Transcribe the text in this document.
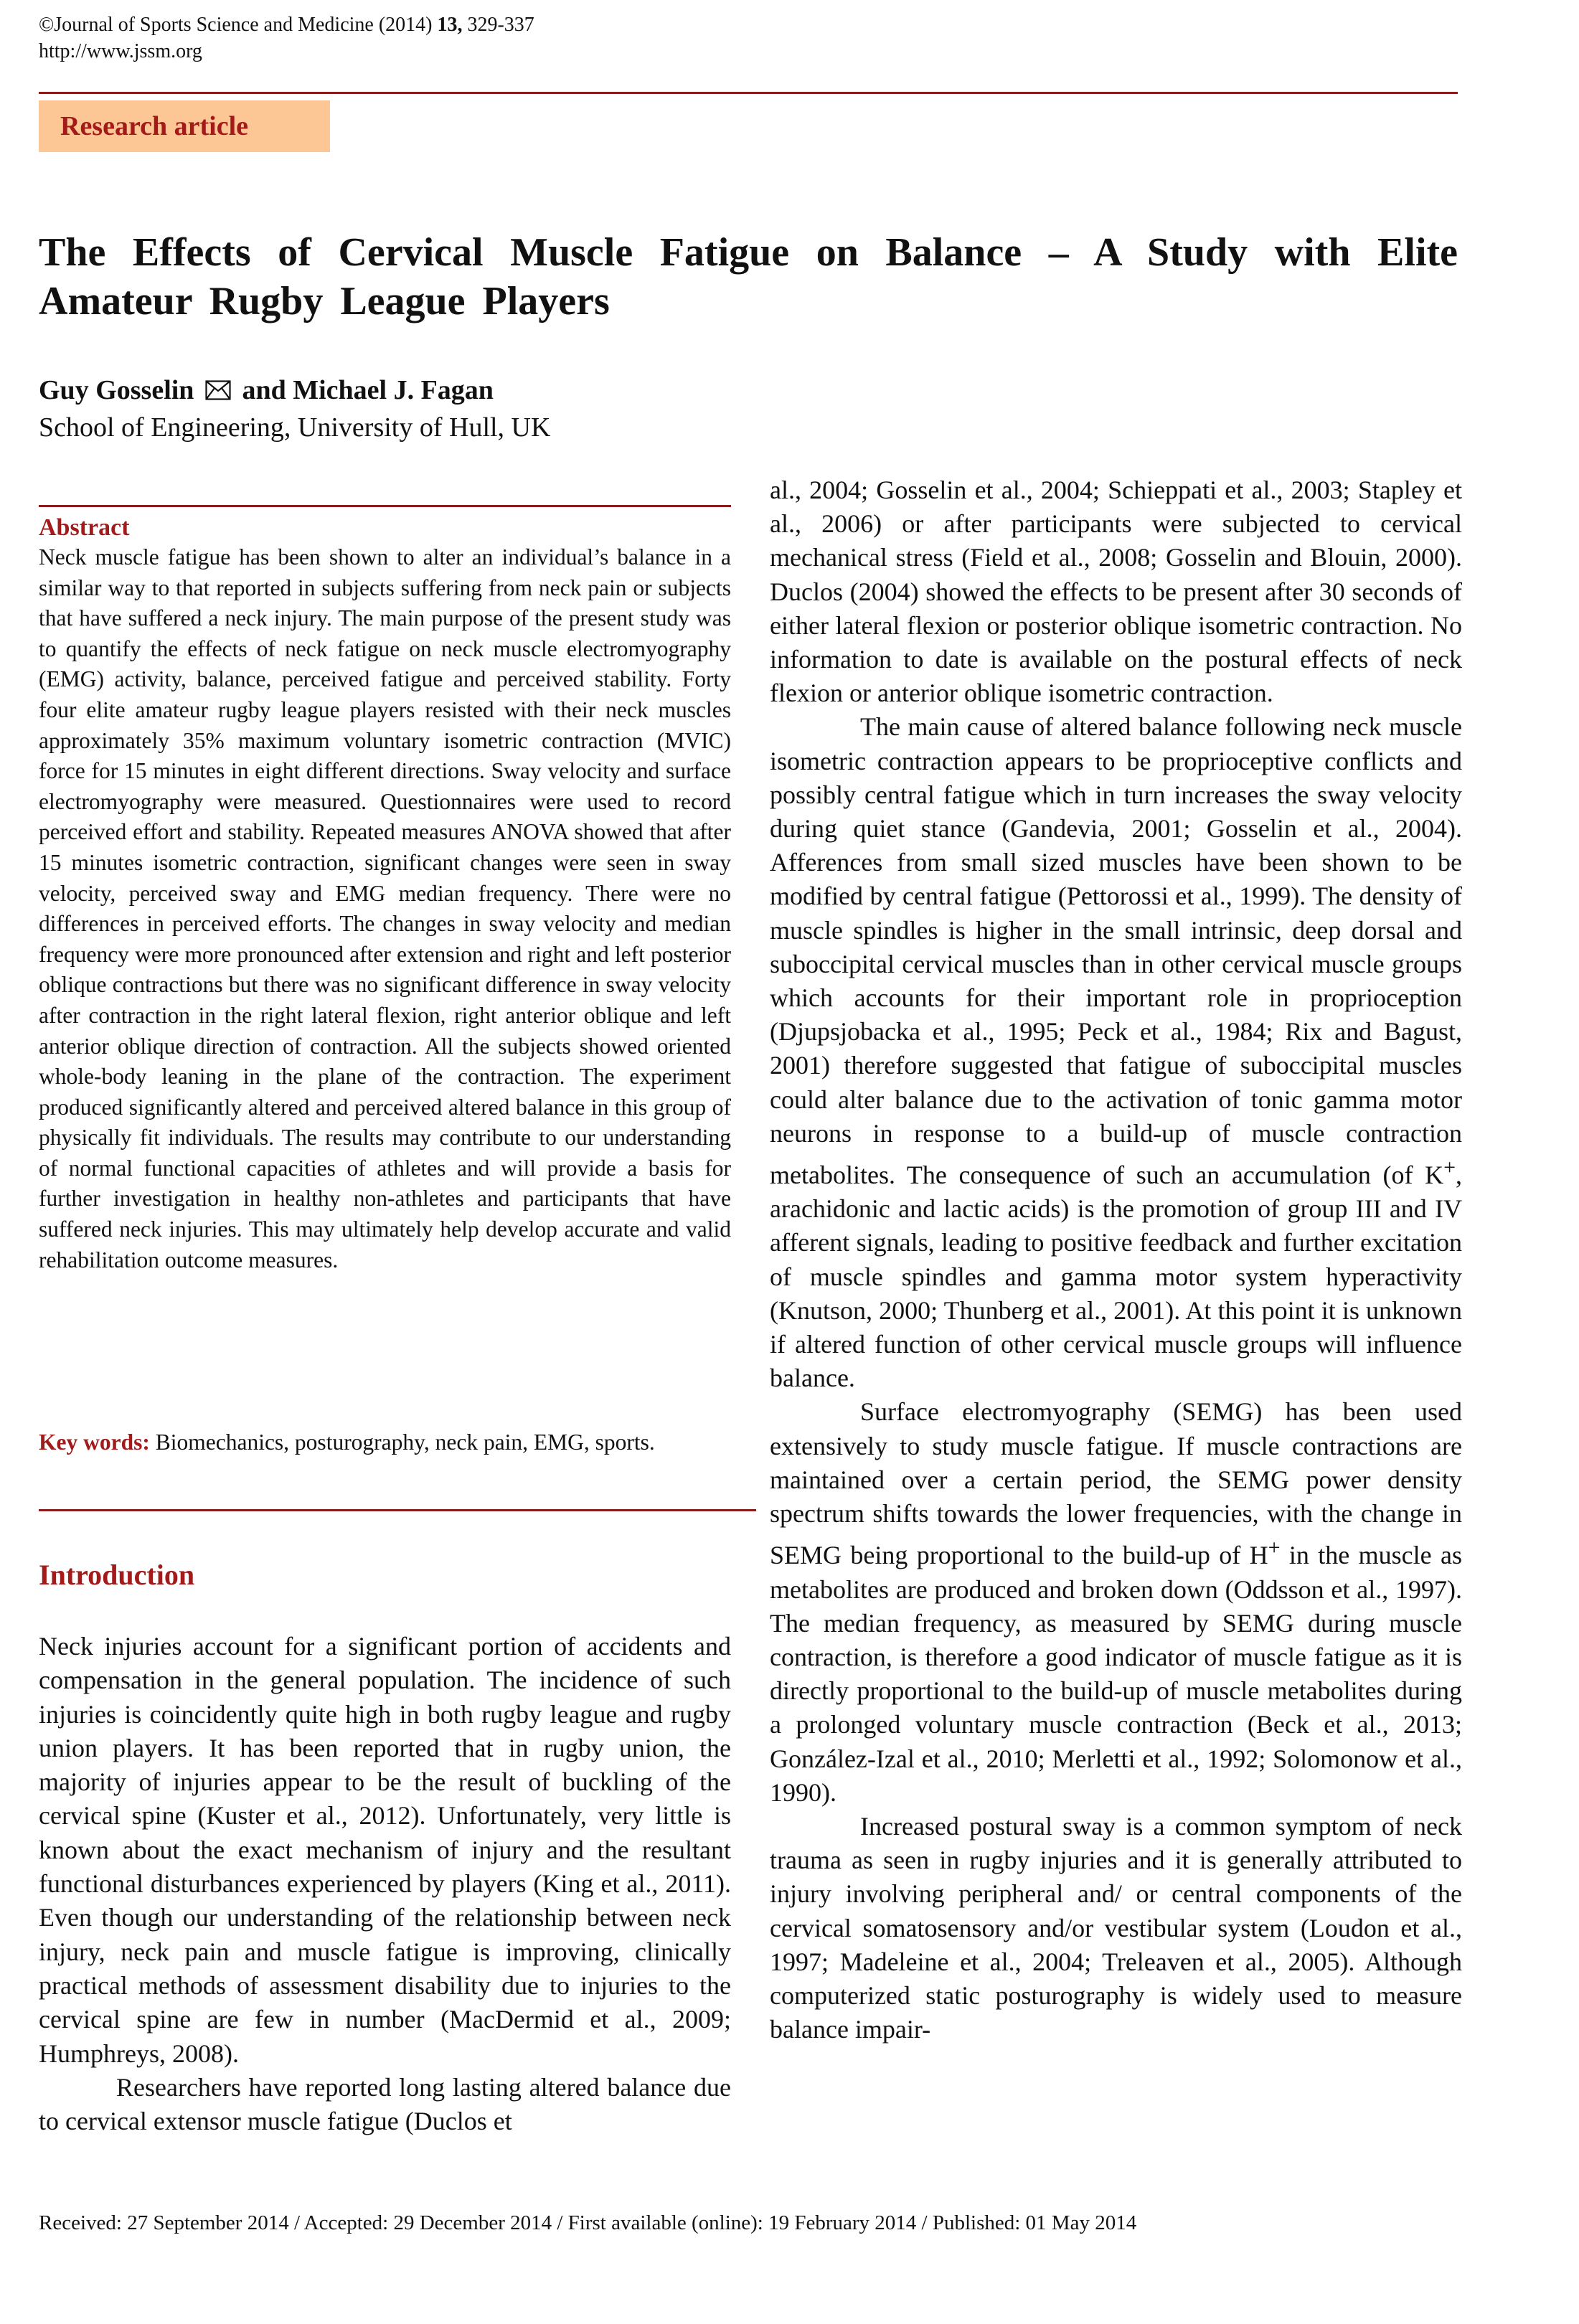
©Journal of Sports Science and Medicine (2014) 13, 329-337
http://www.jssm.org
Research article
The Effects of Cervical Muscle Fatigue on Balance – A Study with Elite Amateur Rugby League Players
Guy Gosselin and Michael J. Fagan
School of Engineering, University of Hull, UK
Abstract
Neck muscle fatigue has been shown to alter an individual’s balance in a similar way to that reported in subjects suffering from neck pain or subjects that have suffered a neck injury. The main purpose of the present study was to quantify the effects of neck fatigue on neck muscle electromyography (EMG) activity, balance, perceived fatigue and perceived stability. Forty four elite amateur rugby league players resisted with their neck muscles approximately 35% maximum voluntary isometric contraction (MVIC) force for 15 minutes in eight different directions. Sway velocity and surface electromyography were measured. Questionnaires were used to record perceived effort and stability. Repeated measures ANOVA showed that after 15 minutes isometric contraction, significant changes were seen in sway velocity, perceived sway and EMG median frequency. There were no differences in perceived efforts. The changes in sway velocity and median frequency were more pronounced after extension and right and left posterior oblique contractions but there was no significant difference in sway velocity after contraction in the right lateral flexion, right anterior oblique and left anterior oblique direction of contraction. All the subjects showed oriented whole-body leaning in the plane of the contraction. The experiment produced significantly altered and perceived altered balance in this group of physically fit individuals. The results may contribute to our understanding of normal functional capacities of athletes and will provide a basis for further investigation in healthy non-athletes and participants that have suffered neck injuries. This may ultimately help develop accurate and valid rehabilitation outcome measures.
Key words: Biomechanics, posturography, neck pain, EMG, sports.
Introduction

Neck injuries account for a significant portion of accidents and compensation in the general population. The incidence of such injuries is coincidently quite high in both rugby league and rugby union players. It has been reported that in rugby union, the majority of injuries appear to be the result of buckling of the cervical spine (Kuster et al., 2012). Unfortunately, very little is known about the exact mechanism of injury and the resultant functional disturbances experienced by players (King et al., 2011). Even though our understanding of the relationship between neck injury, neck pain and muscle fatigue is improving, clinically practical methods of assessment disability due to injuries to the cervical spine are few in number (MacDermid et al., 2009; Humphreys, 2008).

Researchers have reported long lasting altered balance due to cervical extensor muscle fatigue (Duclos et

al., 2004; Gosselin et al., 2004; Schieppati et al., 2003; Stapley et al., 2006) or after participants were subjected to cervical mechanical stress (Field et al., 2008; Gosselin and Blouin, 2000). Duclos (2004) showed the effects to be present after 30 seconds of either lateral flexion or posterior oblique isometric contraction. No information to date is available on the postural effects of neck flexion or anterior oblique isometric contraction.

The main cause of altered balance following neck muscle isometric contraction appears to be proprioceptive conflicts and possibly central fatigue which in turn increases the sway velocity during quiet stance (Gandevia, 2001; Gosselin et al., 2004). Afferences from small sized muscles have been shown to be modified by central fatigue (Pettorossi et al., 1999). The density of muscle spindles is higher in the small intrinsic, deep dorsal and suboccipital cervical muscles than in other cervical muscle groups which accounts for their important role in proprioception (Djupsjobacka et al., 1995; Peck et al., 1984; Rix and Bagust, 2001) therefore suggested that fatigue of suboccipital muscles could alter balance due to the activation of tonic gamma motor neurons in response to a build-up of muscle contraction metabolites. The consequence of such an accumulation (of K+, arachidonic and lactic acids) is the promotion of group III and IV afferent signals, leading to positive feedback and further excitation of muscle spindles and gamma motor system hyperactivity (Knutson, 2000; Thunberg et al., 2001). At this point it is unknown if altered function of other cervical muscle groups will influence balance.

Surface electromyography (SEMG) has been used extensively to study muscle fatigue. If muscle contractions are maintained over a certain period, the SEMG power density spectrum shifts towards the lower frequencies, with the change in SEMG being proportional to the build-up of H+ in the muscle as metabolites are produced and broken down (Oddsson et al., 1997). The median frequency, as measured by SEMG during muscle contraction, is therefore a good indicator of muscle fatigue as it is directly proportional to the build-up of muscle metabolites during a prolonged voluntary muscle contraction (Beck et al., 2013; González-Izal et al., 2010; Merletti et al., 1992; Solomonow et al., 1990).

Increased postural sway is a common symptom of neck trauma as seen in rugby injuries and it is generally attributed to injury involving peripheral and/ or central components of the cervical somatosensory and/or vestibular system (Loudon et al., 1997; Madeleine et al., 2004; Treleaven et al., 2005). Although computerized static posturography is widely used to measure balance impair-

Received: 27 September 2014 / Accepted: 29 December 2014 / First available (online): 19 February 2014 / Published: 01 May 2014
